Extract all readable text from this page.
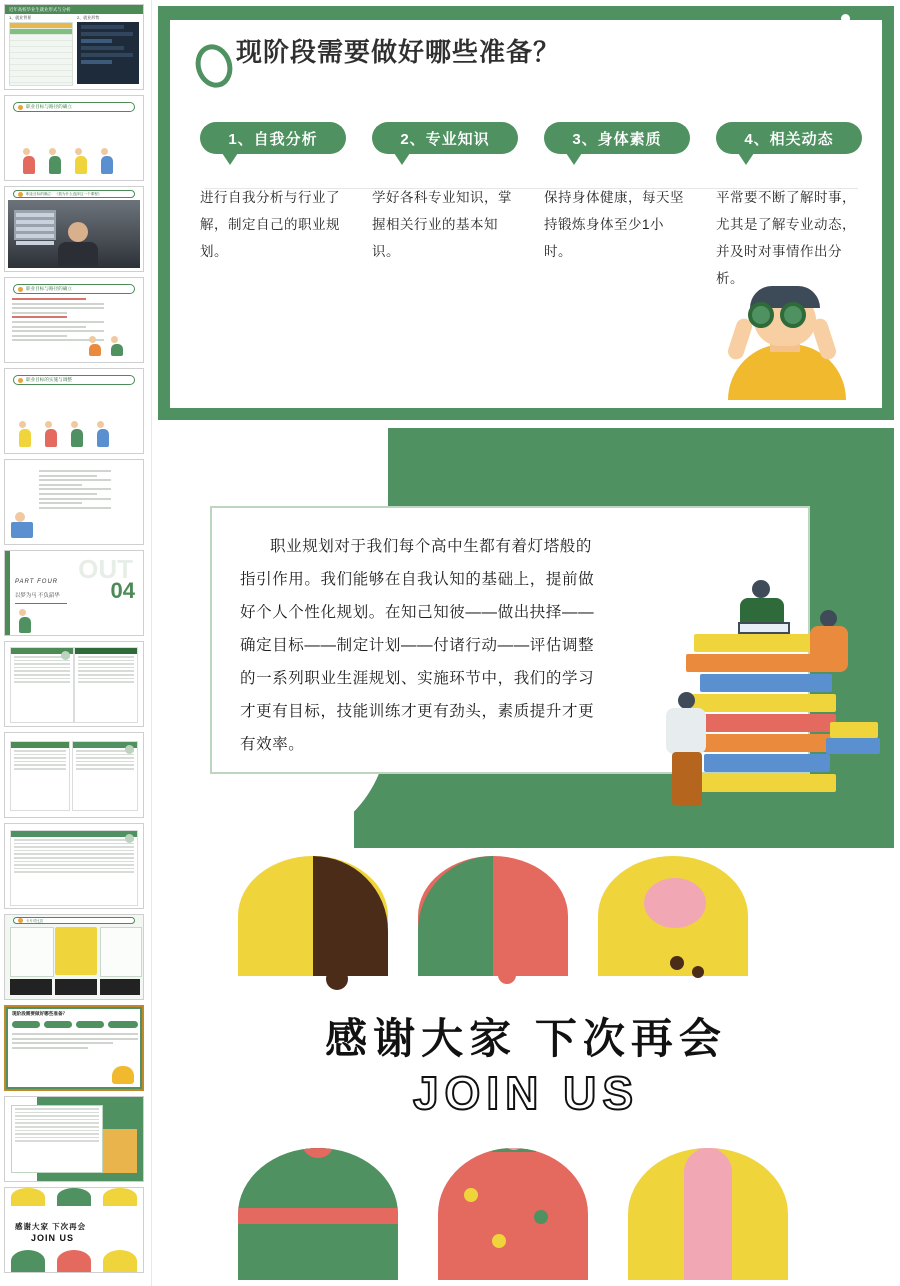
近年高校毕业生就业形式与分析
1、就业背景	2、就业形势
职业目标与路径的确立
职业目标的确立：《我为什么选择这一个课程》
职业目标与路径的确立
职业目标的实施与调整
OUT
PART FOUR 04
以梦为马 不负韶华
卡片对比页
现阶段需要做好哪些准备？
感谢大家 下次再会
JOIN US
现阶段需要做好哪些准备？
1、自我分析
进行自我分析与行业了解，制定自己的职业规划。
2、专业知识
学好各科专业知识，掌握相关行业的基本知识。
3、身体素质
保持身体健康，每天坚持锻炼身体至少1小时。
4、相关动态
平常要不断了解时事，尤其是了解专业动态，并及时对事情作出分析。

职业规划对于我们每个高中生都有着灯塔般的指引作用。我们能够在自我认知的基础上，提前做好个人个性化规划。在知己知彼——做出抉择——确定目标——制定计划——付诸行动——评估调整的一系列职业生涯规划、实施环节中，我们的学习才更有目标，技能训练才更有劲头，素质提升才更有效率。

感谢大家 下次再会
JOIN US
